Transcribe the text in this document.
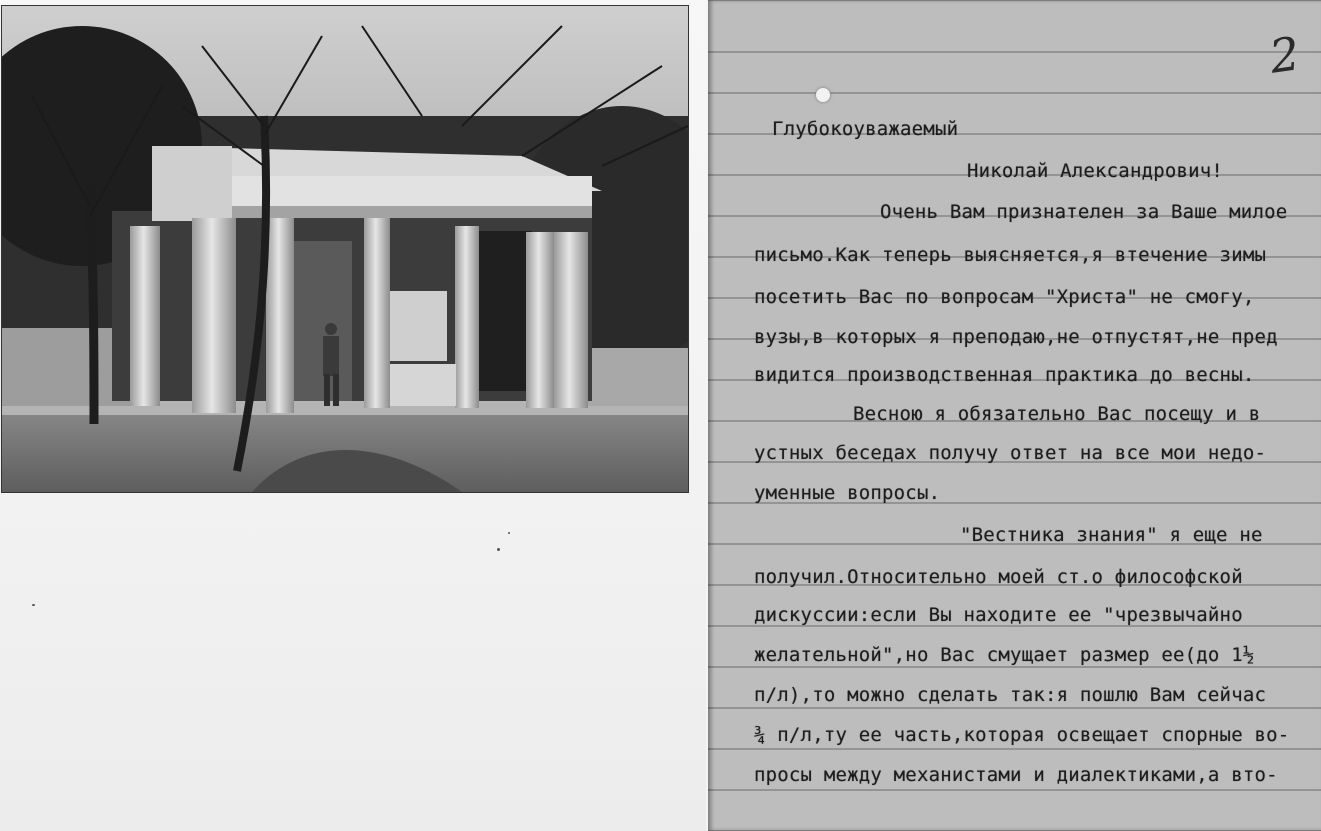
2
Глубокоуважаемый
Николай Александрович!
Очень Вам признателен за Ваше милое
письмо.Как теперь выясняется,я втечение зимы
посетить Вас по вопросам "Христа" не смогу,
вузы,в которых я преподаю,не отпустят,не пред
видится производственная практика до весны.
Весною я обязательно Вас посещу и в
устных беседах получу ответ на все мои недо-
уменные вопросы.
"Вестника знания" я еще не
получил.Относительно моей ст.о философской
дискуссии:если Вы находите ее "чрезвычайно
желательной",но Вас смущает размер ее(до 1½
п/л),то можно сделать так:я пошлю Вам сейчас
¾ п/л,ту ее часть,которая освещает спорные во-
просы между механистами и диалектиками,а вто-
